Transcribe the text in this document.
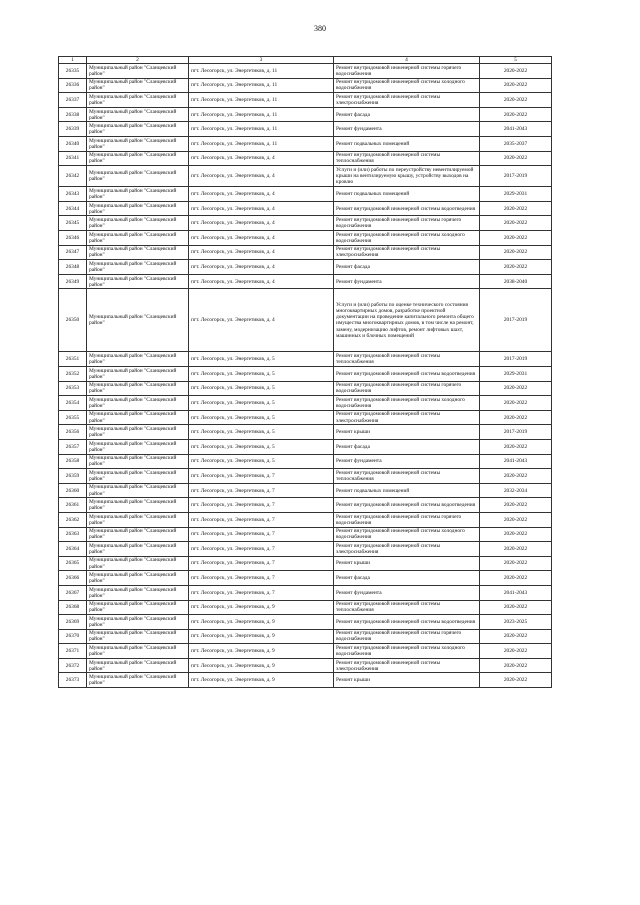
380
1	2	3	4	5
26335	Муниципальный район "Сланцевский район"	пгт. Лесогорск, ул. Энергетиков, д. 11	Ремонт внутридомовой инженерной системы горячего водоснабжения	2020-2022
26336	Муниципальный район "Сланцевский район"	пгт. Лесогорск, ул. Энергетиков, д. 11	Ремонт внутридомовой инженерной системы холодного водоснабжения	2020-2022
26337	Муниципальный район "Сланцевский район"	пгт. Лесогорск, ул. Энергетиков, д. 11	Ремонт внутридомовой инженерной системы электроснабжения	2020-2022
26338	Муниципальный район "Сланцевский район"	пгт. Лесогорск, ул. Энергетиков, д. 11	Ремонт фасада	2020-2022
26339	Муниципальный район "Сланцевский район"	пгт. Лесогорск, ул. Энергетиков, д. 11	Ремонт фундамента	2041-2043
26340	Муниципальный район "Сланцевский район"	пгт. Лесогорск, ул. Энергетиков, д. 11	Ремонт подвальных помещений	2035-2037
26341	Муниципальный район "Сланцевский район"	пгт. Лесогорск, ул. Энергетиков, д. 4	Ремонт внутридомовой инженерной системы теплоснабжения	2020-2022
26342	Муниципальный район "Сланцевский район"	пгт. Лесогорск, ул. Энергетиков, д. 4	Услуги и (или) работы по переустройству невентилируемой крыши на вентилируемую крышу, устройству выходов на кровлю	2017-2019
26343	Муниципальный район "Сланцевский район"	пгт. Лесогорск, ул. Энергетиков, д. 4	Ремонт подвальных помещений	2029-2031
26344	Муниципальный район "Сланцевский район"	пгт. Лесогорск, ул. Энергетиков, д. 4	Ремонт внутридомовой инженерной системы водоотведения	2020-2022
26345	Муниципальный район "Сланцевский район"	пгт. Лесогорск, ул. Энергетиков, д. 4	Ремонт внутридомовой инженерной системы горячего водоснабжения	2020-2022
26346	Муниципальный район "Сланцевский район"	пгт. Лесогорск, ул. Энергетиков, д. 4	Ремонт внутридомовой инженерной системы холодного водоснабжения	2020-2022
26347	Муниципальный район "Сланцевский район"	пгт. Лесогорск, ул. Энергетиков, д. 4	Ремонт внутридомовой инженерной системы электроснабжения	2020-2022
26348	Муниципальный район "Сланцевский район"	пгт. Лесогорск, ул. Энергетиков, д. 4	Ремонт фасада	2020-2022
26349	Муниципальный район "Сланцевский район"	пгт. Лесогорск, ул. Энергетиков, д. 4	Ремонт фундамента	2038-2040
26350	Муниципальный район "Сланцевский район"	пгт. Лесогорск, ул. Энергетиков, д. 4	Услуги и (или) работы по оценке технического состояния многоквартирных домов, разработке проектной документации на проведение капитального ремонта общего имущества многоквартирных домов, в том числе на ремонт, замену, модернизацию лифтов, ремонт лифтовых шахт, машинных и блочных помещений	2017-2019
26351	Муниципальный район "Сланцевский район"	пгт. Лесогорск, ул. Энергетиков, д. 5	Ремонт внутридомовой инженерной системы теплоснабжения	2017-2019
26352	Муниципальный район "Сланцевский район"	пгт. Лесогорск, ул. Энергетиков, д. 5	Ремонт внутридомовой инженерной системы водоотведения	2029-2031
26353	Муниципальный район "Сланцевский район"	пгт. Лесогорск, ул. Энергетиков, д. 5	Ремонт внутридомовой инженерной системы горячего водоснабжения	2020-2022
26354	Муниципальный район "Сланцевский район"	пгт. Лесогорск, ул. Энергетиков, д. 5	Ремонт внутридомовой инженерной системы холодного водоснабжения	2020-2022
26355	Муниципальный район "Сланцевский район"	пгт. Лесогорск, ул. Энергетиков, д. 5	Ремонт внутридомовой инженерной системы электроснабжения	2020-2022
26356	Муниципальный район "Сланцевский район"	пгт. Лесогорск, ул. Энергетиков, д. 5	Ремонт крыши	2017-2019
26357	Муниципальный район "Сланцевский район"	пгт. Лесогорск, ул. Энергетиков, д. 5	Ремонт фасада	2020-2022
26358	Муниципальный район "Сланцевский район"	пгт. Лесогорск, ул. Энергетиков, д. 5	Ремонт фундамента	2041-2043
26359	Муниципальный район "Сланцевский район"	пгт. Лесогорск, ул. Энергетиков, д. 7	Ремонт внутридомовой инженерной системы теплоснабжения	2020-2022
26360	Муниципальный район "Сланцевский район"	пгт. Лесогорск, ул. Энергетиков, д. 7	Ремонт подвальных помещений	2032-2034
26361	Муниципальный район "Сланцевский район"	пгт. Лесогорск, ул. Энергетиков, д. 7	Ремонт внутридомовой инженерной системы водоотведения	2020-2022
26362	Муниципальный район "Сланцевский район"	пгт. Лесогорск, ул. Энергетиков, д. 7	Ремонт внутридомовой инженерной системы горячего водоснабжения	2020-2022
26363	Муниципальный район "Сланцевский район"	пгт. Лесогорск, ул. Энергетиков, д. 7	Ремонт внутридомовой инженерной системы холодного водоснабжения	2020-2022
26364	Муниципальный район "Сланцевский район"	пгт. Лесогорск, ул. Энергетиков, д. 7	Ремонт внутридомовой инженерной системы электроснабжения	2020-2022
26365	Муниципальный район "Сланцевский район"	пгт. Лесогорск, ул. Энергетиков, д. 7	Ремонт крыши	2020-2022
26366	Муниципальный район "Сланцевский район"	пгт. Лесогорск, ул. Энергетиков, д. 7	Ремонт фасада	2020-2022
26367	Муниципальный район "Сланцевский район"	пгт. Лесогорск, ул. Энергетиков, д. 7	Ремонт фундамента	2041-2043
26368	Муниципальный район "Сланцевский район"	пгт. Лесогорск, ул. Энергетиков, д. 9	Ремонт внутридомовой инженерной системы теплоснабжения	2020-2022
26369	Муниципальный район "Сланцевский район"	пгт. Лесогорск, ул. Энергетиков, д. 9	Ремонт внутридомовой инженерной системы водоотведения	2023-2025
26370	Муниципальный район "Сланцевский район"	пгт. Лесогорск, ул. Энергетиков, д. 9	Ремонт внутридомовой инженерной системы горячего водоснабжения	2020-2022
26371	Муниципальный район "Сланцевский район"	пгт. Лесогорск, ул. Энергетиков, д. 9	Ремонт внутридомовой инженерной системы холодного водоснабжения	2020-2022
26372	Муниципальный район "Сланцевский район"	пгт. Лесогорск, ул. Энергетиков, д. 9	Ремонт внутридомовой инженерной системы электроснабжения	2020-2022
26373	Муниципальный район "Сланцевский район"	пгт. Лесогорск, ул. Энергетиков, д. 9	Ремонт крыши	2020-2022
